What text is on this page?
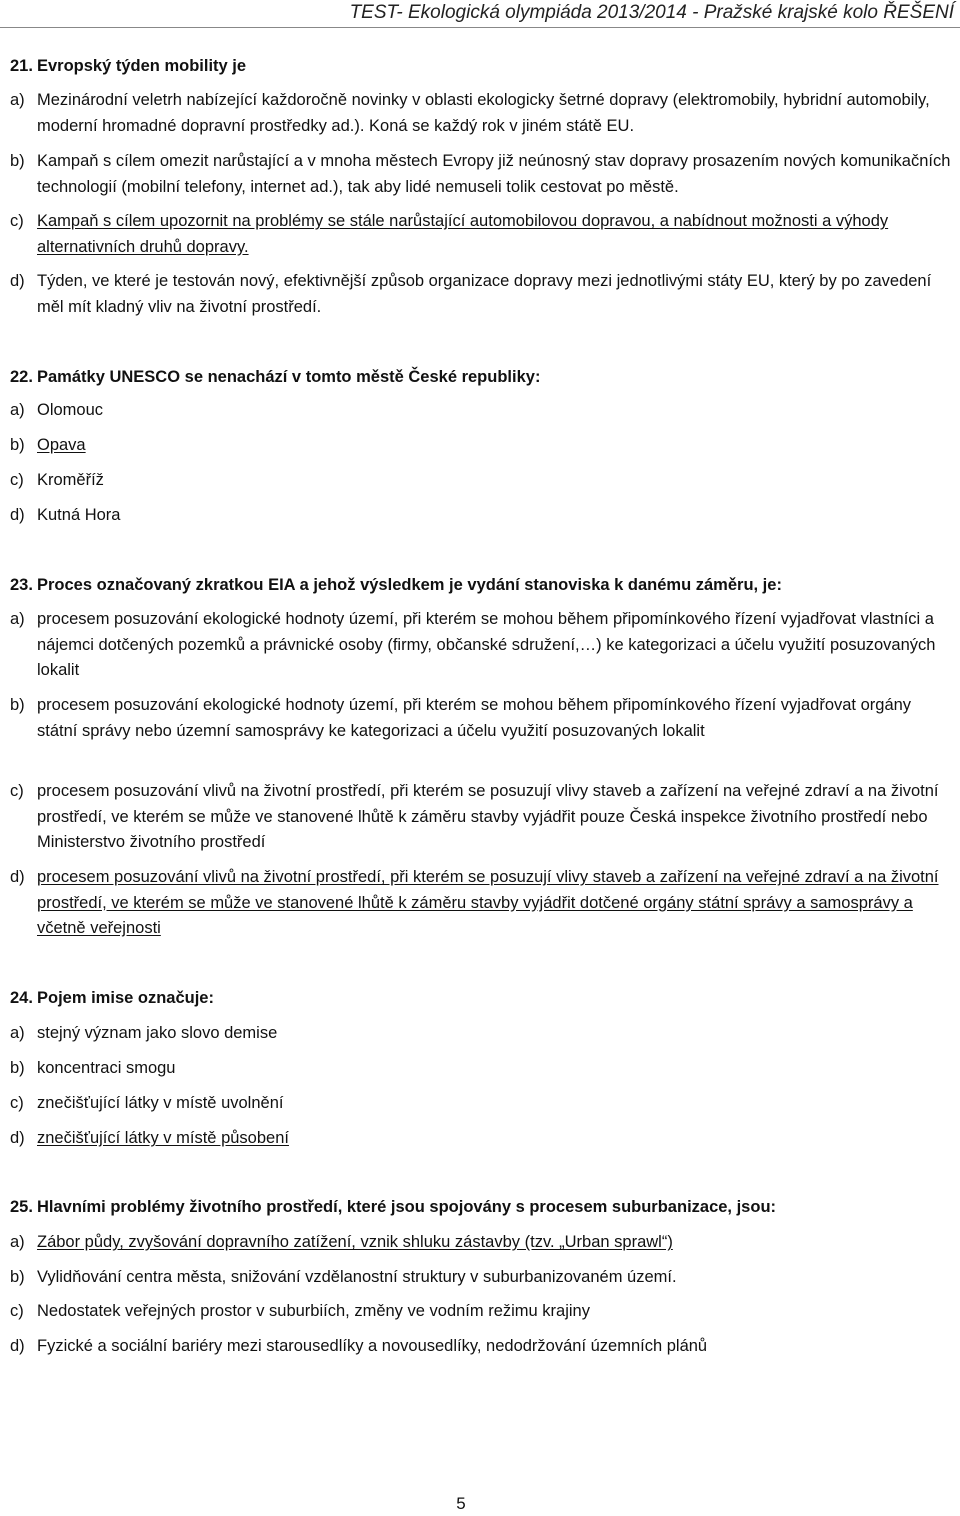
TEST- Ekologická olympiáda 2013/2014 - Pražské krajské kolo ŘEŠENÍ
21. Evropský týden mobility je
a) Mezinárodní veletrh nabízející každoročně novinky v oblasti ekologicky šetrné dopravy (elektromobily, hybridní automobily, moderní hromadné dopravní prostředky ad.). Koná se každý rok v jiném státě EU.
b) Kampaň s cílem omezit narůstající a v mnoha městech Evropy již neúnosný stav dopravy prosazením nových komunikačních technologií (mobilní telefony, internet ad.), tak aby lidé nemuseli tolik cestovat po městě.
c) Kampaň s cílem upozornit na problémy se stále narůstající automobilovou dopravou, a nabídnout možnosti a výhody alternativních druhů dopravy.
d) Týden, ve které je testován nový, efektivnější způsob organizace dopravy mezi jednotlivými státy EU, který by po zavedení měl mít kladný vliv na životní prostředí.
22. Památky UNESCO se nenachází v tomto městě České republiky:
a) Olomouc
b) Opava
c) Kroměříž
d) Kutná Hora
23. Proces označovaný zkratkou EIA a jehož výsledkem je vydání stanoviska k danému záměru, je:
a) procesem posuzování ekologické hodnoty území, při kterém se mohou během připomínkového řízení vyjadřovat vlastníci a nájemci dotčených pozemků a právnické osoby (firmy, občanské sdružení,…) ke kategorizaci a účelu využití posuzovaných lokalit
b) procesem posuzování ekologické hodnoty území, při kterém se mohou během připomínkového řízení vyjadřovat orgány státní správy nebo územní samosprávy ke kategorizaci a účelu využití posuzovaných lokalit
c) procesem posuzování vlivů na životní prostředí, při kterém se posuzují vlivy staveb a zařízení na veřejné zdraví a na životní prostředí, ve kterém se může ve stanovené lhůtě k záměru stavby vyjádřit pouze Česká inspekce životního prostředí nebo Ministerstvo životního prostředí
d) procesem posuzování vlivů na životní prostředí, při kterém se posuzují vlivy staveb a zařízení na veřejné zdraví a na životní prostředí, ve kterém se může ve stanovené lhůtě k záměru stavby vyjádřit dotčené orgány státní správy a samosprávy a včetně veřejnosti
24. Pojem imise označuje:
a) stejný význam jako slovo demise
b) koncentraci smogu
c) znečišťující látky v místě uvolnění
d) znečišťující látky v místě působení
25. Hlavními problémy životního prostředí, které jsou spojovány s procesem suburbanizace, jsou:
a) Zábor půdy, zvyšování dopravního zatížení, vznik shluku zástavby (tzv. „Urban sprawl“)
b) Vylidňování centra města, snižování vzdělanostní struktury v suburbanizovaném území.
c) Nedostatek veřejných prostor v suburbiích, změny ve vodním režimu krajiny
d) Fyzické a sociální bariéry mezi starousedlíky a novousedlíky, nedodržování územních plánů
5
